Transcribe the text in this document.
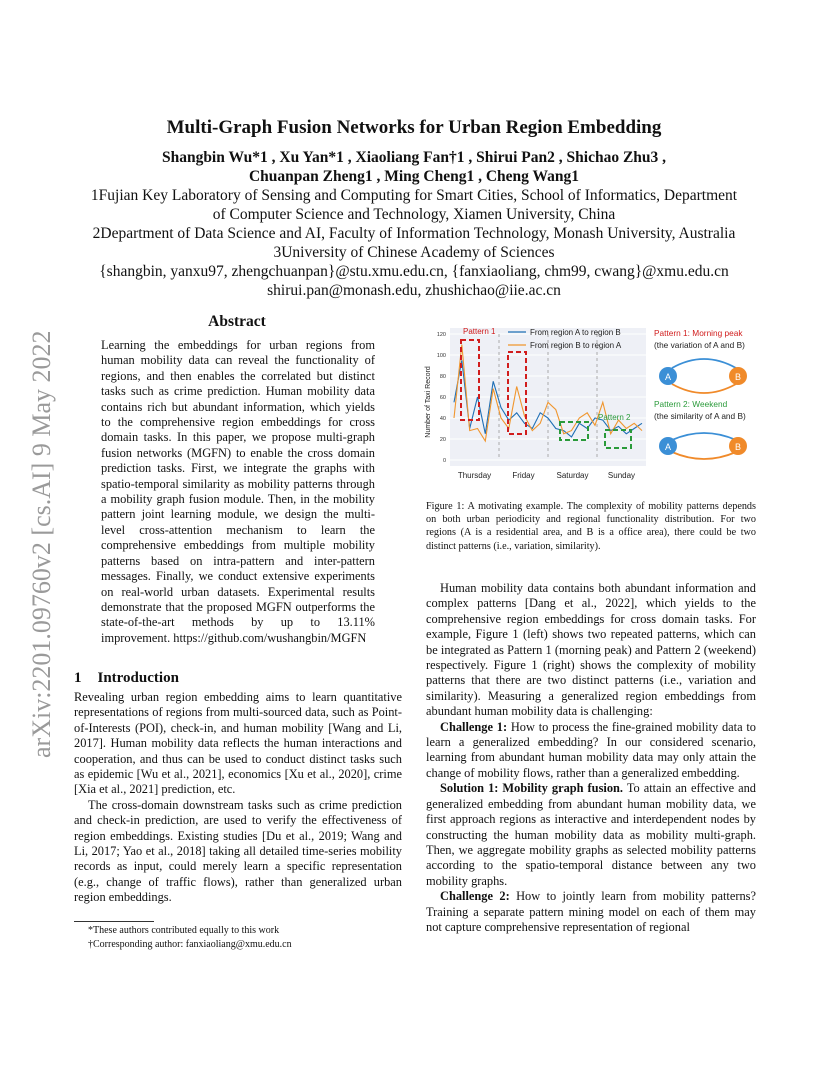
arXiv:2201.09760v2 [cs.AI] 9 May 2022
Multi-Graph Fusion Networks for Urban Region Embedding
Shangbin Wu*1 , Xu Yan*1 , Xiaoliang Fan†1 , Shirui Pan2 , Shichao Zhu3 ,
Chuanpan Zheng1 , Ming Cheng1 , Cheng Wang1
1Fujian Key Laboratory of Sensing and Computing for Smart Cities, School of Informatics, Department
of Computer Science and Technology, Xiamen University, China
2Department of Data Science and AI, Faculty of Information Technology, Monash University, Australia
3University of Chinese Academy of Sciences
{shangbin, yanxu97, zhengchuanpan}@stu.xmu.edu.cn, {fanxiaoliang, chm99, cwang}@xmu.edu.cn
shirui.pan@monash.edu, zhushichao@iie.ac.cn
Abstract

Learning the embeddings for urban regions from human mobility data can reveal the functionality of regions, and then enables the correlated but distinct tasks such as crime prediction. Human mobility data contains rich but abundant information, which yields to the comprehensive region embeddings for cross domain tasks. In this paper, we propose multi-graph fusion networks (MGFN) to enable the cross domain prediction tasks. First, we integrate the graphs with spatio-temporal similarity as mobility patterns through a mobility graph fusion module. Then, in the mobility pattern joint learning module, we design the multi-level cross-attention mechanism to learn the comprehensive embeddings from multiple mobility patterns based on intra-pattern and inter-pattern messages. Finally, we conduct extensive experiments on real-world urban datasets. Experimental results demonstrate that the proposed MGFN outperforms the state-of-the-art methods by up to 13.11% improvement. https://github.com/wushangbin/MGFN

1 Introduction

Revealing urban region embedding aims to learn quantitative representations of regions from multi-sourced data, such as Point-of-Interests (POI), check-in, and human mobility [Wang and Li, 2017]. Human mobility data reflects the human interactions and cooperation, and thus can be used to conduct distinct tasks such as epidemic [Wu et al., 2021], economics [Xu et al., 2020], crime [Xia et al., 2021] prediction, etc.

The cross-domain downstream tasks such as crime prediction and check-in prediction, are used to verify the effectiveness of region embeddings. Existing studies [Du et al., 2019; Wang and Li, 2017; Yao et al., 2018] taking all detailed time-series mobility records as input, could merely learn a specific representation (e.g., change of traffic flows), rather than generalized urban region embeddings.

*These authors contributed equally to this work
†Corresponding author: fanxiaoliang@xmu.edu.cn
120
100
80
60
40
20
0
Number of Taxi Record
Thursday	Friday	Saturday Sunday
Pattern 1
Pattern 2
From region A to region B
From region B to region A
Pattern 1: Morning peak
(the variation of A and B)
A	B
Pattern 2: Weekend
(the similarity of A and B)
A	B
Figure 1: A motivating example. The complexity of mobility patterns depends on both urban periodicity and regional functionality distribution. For two regions (A is a residential area, and B is a office area), there could be two distinct patterns (i.e., variation, similarity).

Human mobility data contains both abundant information and complex patterns [Dang et al., 2022], which yields to the comprehensive region embeddings for cross domain tasks. For example, Figure 1 (left) shows two repeated patterns, which can be integrated as Pattern 1 (morning peak) and Pattern 2 (weekend) respectively. Figure 1 (right) shows the complexity of mobility patterns that there are two distinct patterns (i.e., variation and similarity). Measuring a generalized region embeddings from abundant human mobility data is challenging:

Challenge 1: How to process the fine-grained mobility data to learn a generalized embedding? In our considered scenario, learning from abundant human mobility data may only attain the change of mobility flows, rather than a generalized embedding.

Solution 1: Mobility graph fusion. To attain an effective and generalized embedding from abundant human mobility data, we first approach regions as interactive and interdependent nodes by constructing the human mobility data as mobility multi-graph. Then, we aggregate mobility graphs as selected mobility patterns according to the spatio-temporal distance between any two mobility graphs.

Challenge 2: How to jointly learn from mobility patterns? Training a separate pattern mining model on each of them may not capture comprehensive representation of regional
